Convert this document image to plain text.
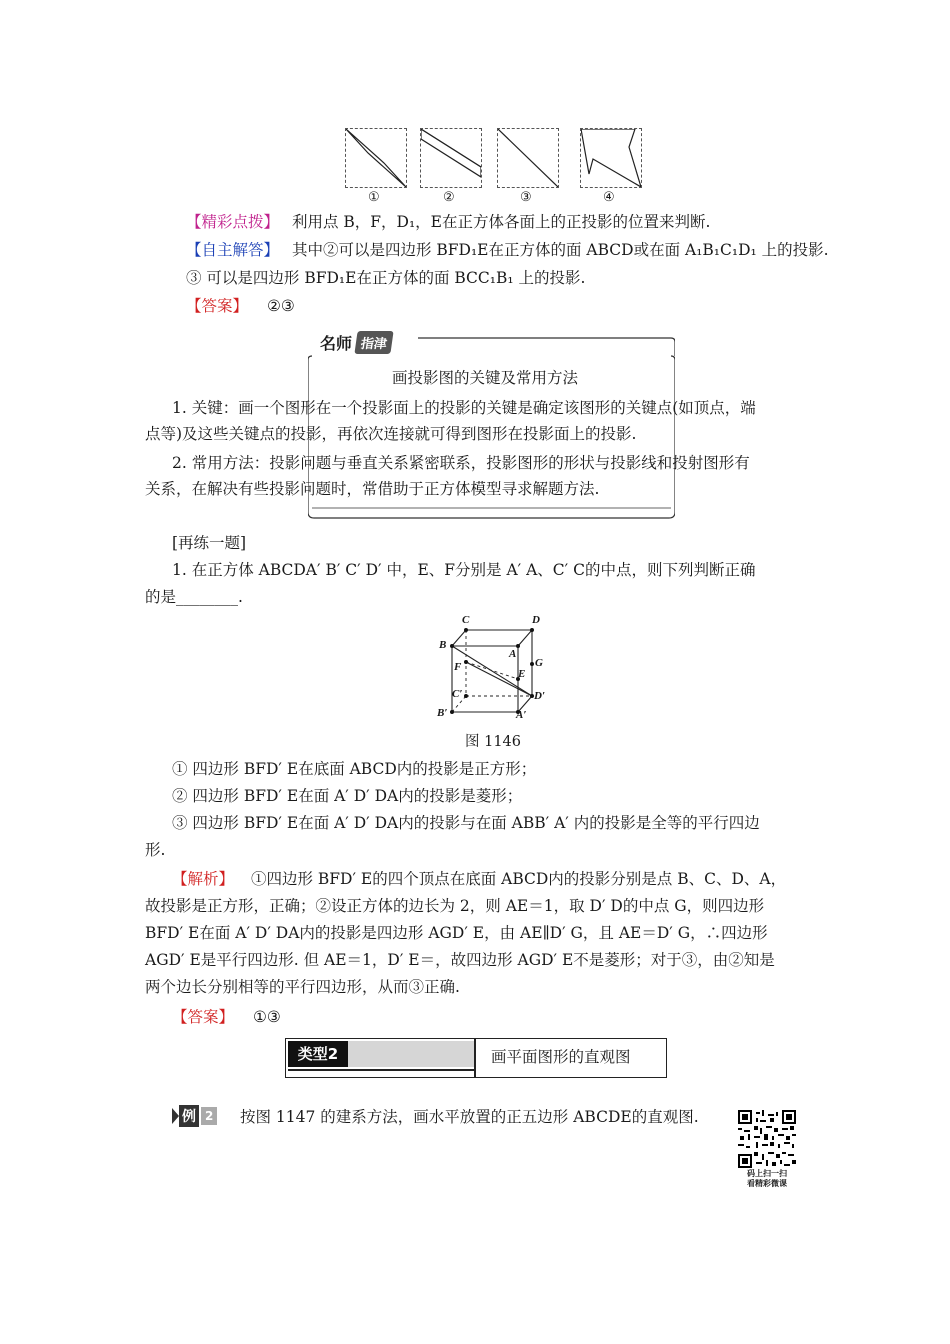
①	②	③	④
【精彩点拨】 利用点 B，F，D₁，E在正方体各面上的正投影的位置来判断.
【自主解答】 其中②可以是四边形 BFD₁E在正方体的面 ABCD或在面 A₁B₁C₁D₁ 上的投影.
③ 可以是四边形 BFD₁E在正方体的面 BCC₁B₁ 上的投影.
【答案】 ②③
名师 指津
画投影图的关键及常用方法
1. 关键：画一个图形在一个投影面上的投影的关键是确定该图形的关键点(如顶点，端
点等)及这些关键点的投影，再依次连接就可得到图形在投影面上的投影.
2. 常用方法：投影问题与垂直关系紧密联系，投影图形的形状与投影线和投射图形有
关系，在解决有些投影问题时，常借助于正方体模型寻求解题方法.
[再练一题]
1. 在正方体 ABCDA′ B′ C′ D′ 中，E、F分别是 A′ A、C′ C的中点，则下列判断正确
的是________.
C	D
B
A
G
F
E
C′	D′
B′	A′
图 1146
① 四边形 BFD′ E在底面 ABCD内的投影是正方形；
② 四边形 BFD′ E在面 A′ D′ DA内的投影是菱形；
③ 四边形 BFD′ E在面 A′ D′ DA内的投影与在面 ABB′ A′ 内的投影是全等的平行四边
形.
【解析】 ①四边形 BFD′ E的四个顶点在底面 ABCD内的投影分别是点 B、C、D、A，
故投影是正方形，正确；②设正方体的边长为 2，则 AE＝1，取 D′ D的中点 G，则四边形
BFD′ E在面 A′ D′ DA内的投影是四边形 AGD′ E，由 AE∥D′ G，且 AE＝D′ G，∴四边形
AGD′ E是平行四边形. 但 AE＝1，D′ E＝，故四边形 AGD′ E不是菱形；对于③，由②知是
两个边长分别相等的平行四边形，从而③正确.
【答案】 ①③
类型2	画平面图形的直观图
例 2 按图 1147 的建系方法，画水平放置的正五边形 ABCDE的直观图.
码上扫一扫
看精彩微课
